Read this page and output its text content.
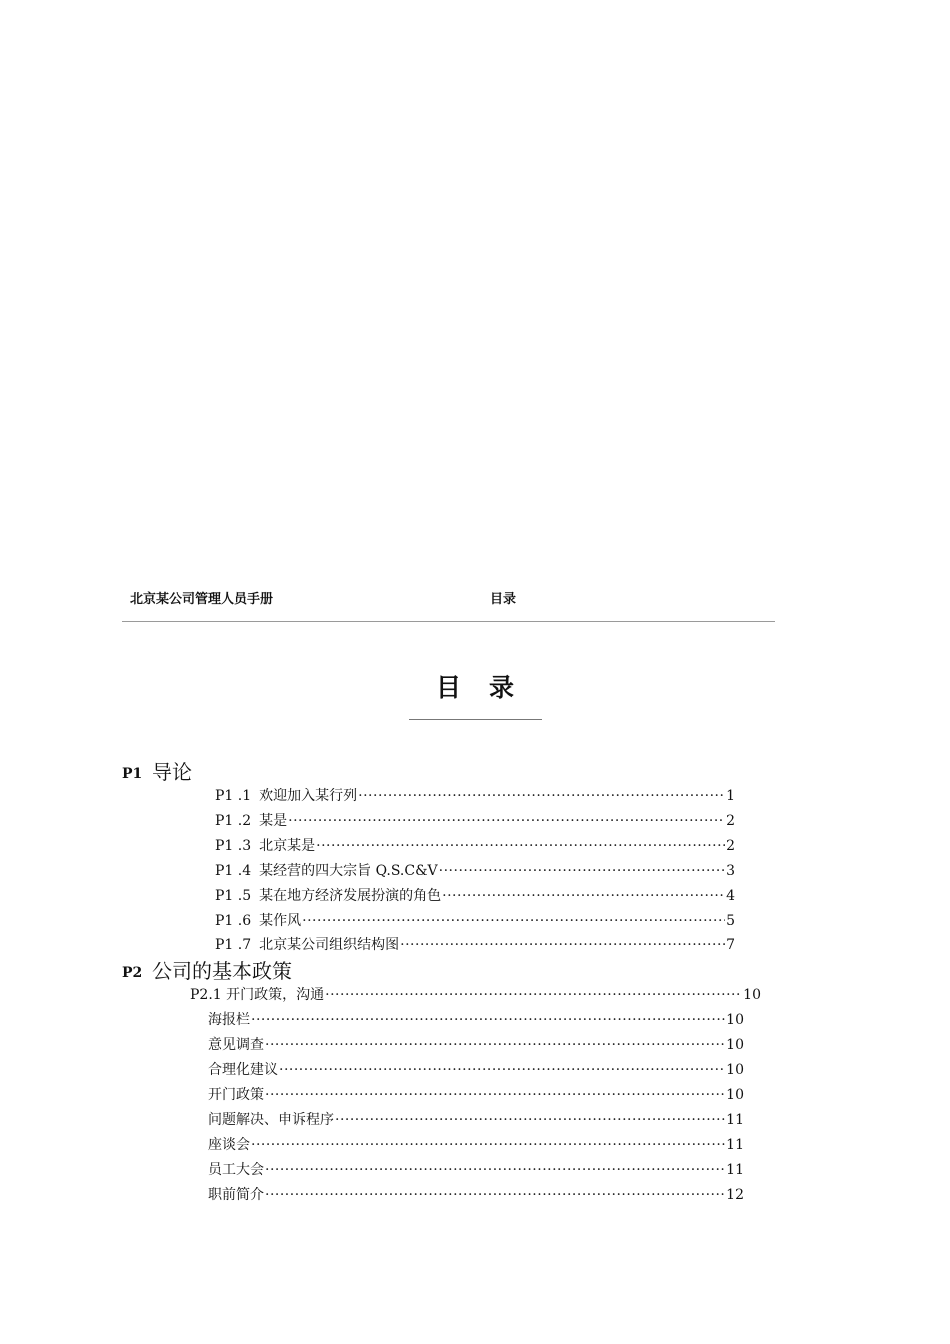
北京某公司管理人员手册	目录
目录
P1 导论
P1 .1 欢迎加入某行列 ·····	1
P1 .2 某是 ·····	2
P1 .3 北京某是 ·····	2
P1 .4 某经营的四大宗旨 Q.S.C&V ·····	3
P1 .5 某在地方经济发展扮演的角色 ·····	4
P1 .6 某作风 ·····	5
P1 .7 北京某公司组织结构图 ·····	7
P2 公司的基本政策
P2.1 开门政策，沟通 ·····	10
海报栏 ·····	10
意见调查 ·····	10
合理化建议 ·····	10
开门政策 ·····	10
问题解决、申诉程序 ·····	11
座谈会 ·····	11
员工大会 ·····	11
职前简介 ·····	12
